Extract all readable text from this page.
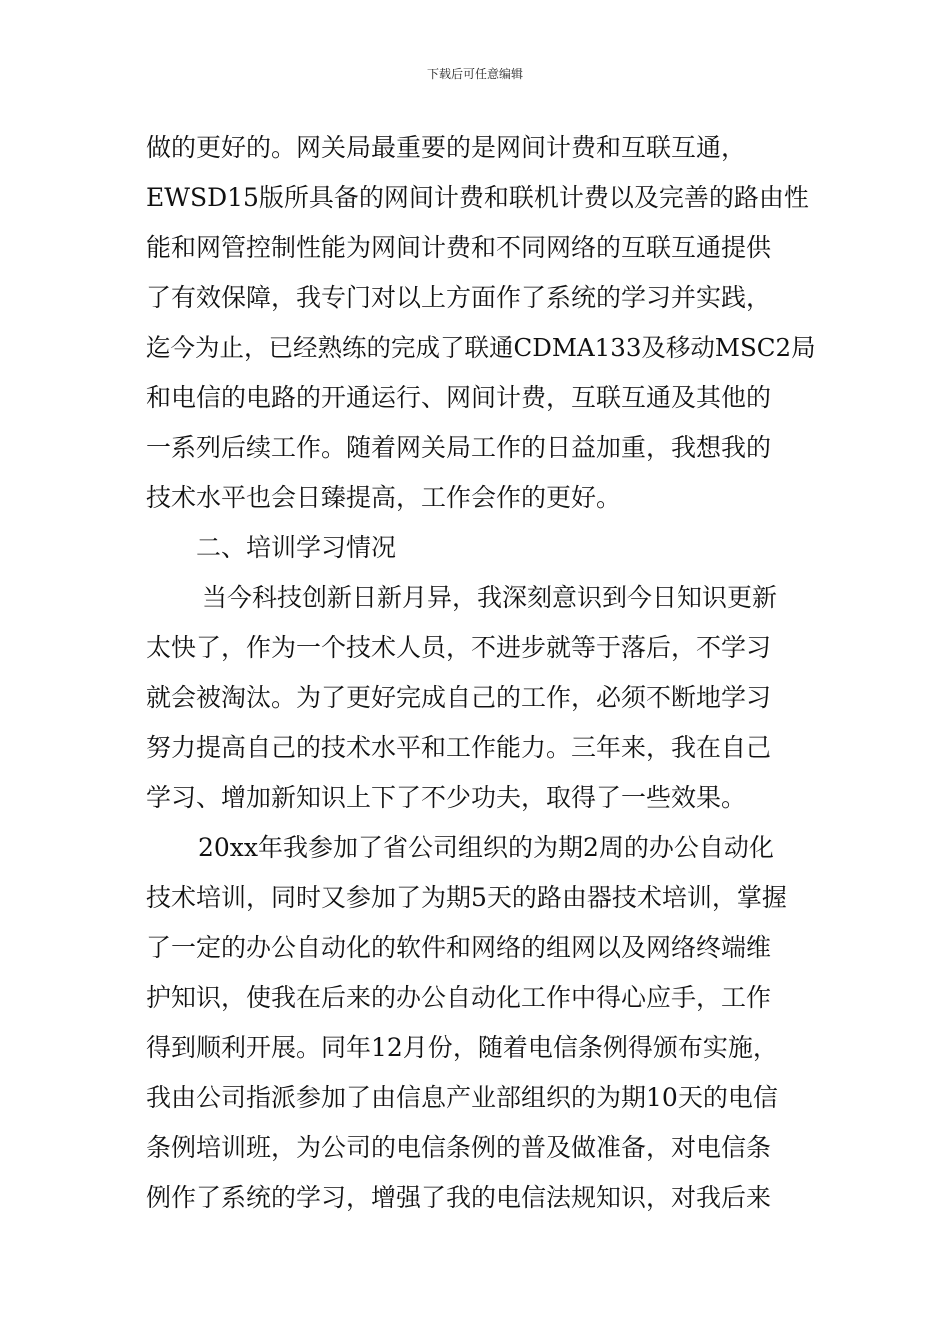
下载后可任意编辑
做的更好的。网关局最重要的是网间计费和互联互通，
EWSD15版所具备的网间计费和联机计费以及完善的路由性
能和网管控制性能为网间计费和不同网络的互联互通提供
了有效保障，我专门对以上方面作了系统的学习并实践，
迄今为止，已经熟练的完成了联通CDMA133及移动MSC2局
和电信的电路的开通运行、网间计费，互联互通及其他的
一系列后续工作。随着网关局工作的日益加重，我想我的
技术水平也会日臻提高，工作会作的更好。
二、培训学习情况
当今科技创新日新月异，我深刻意识到今日知识更新
太快了，作为一个技术人员，不进步就等于落后，不学习
就会被淘汰。为了更好完成自己的工作，必须不断地学习
努力提高自己的技术水平和工作能力。三年来，我在自己
学习、增加新知识上下了不少功夫，取得了一些效果。
20xx年我参加了省公司组织的为期2周的办公自动化
技术培训，同时又参加了为期5天的路由器技术培训，掌握
了一定的办公自动化的软件和网络的组网以及网络终端维
护知识，使我在后来的办公自动化工作中得心应手，工作
得到顺利开展。同年12月份，随着电信条例得颁布实施，
我由公司指派参加了由信息产业部组织的为期10天的电信
条例培训班，为公司的电信条例的普及做准备，对电信条
例作了系统的学习，增强了我的电信法规知识，对我后来
